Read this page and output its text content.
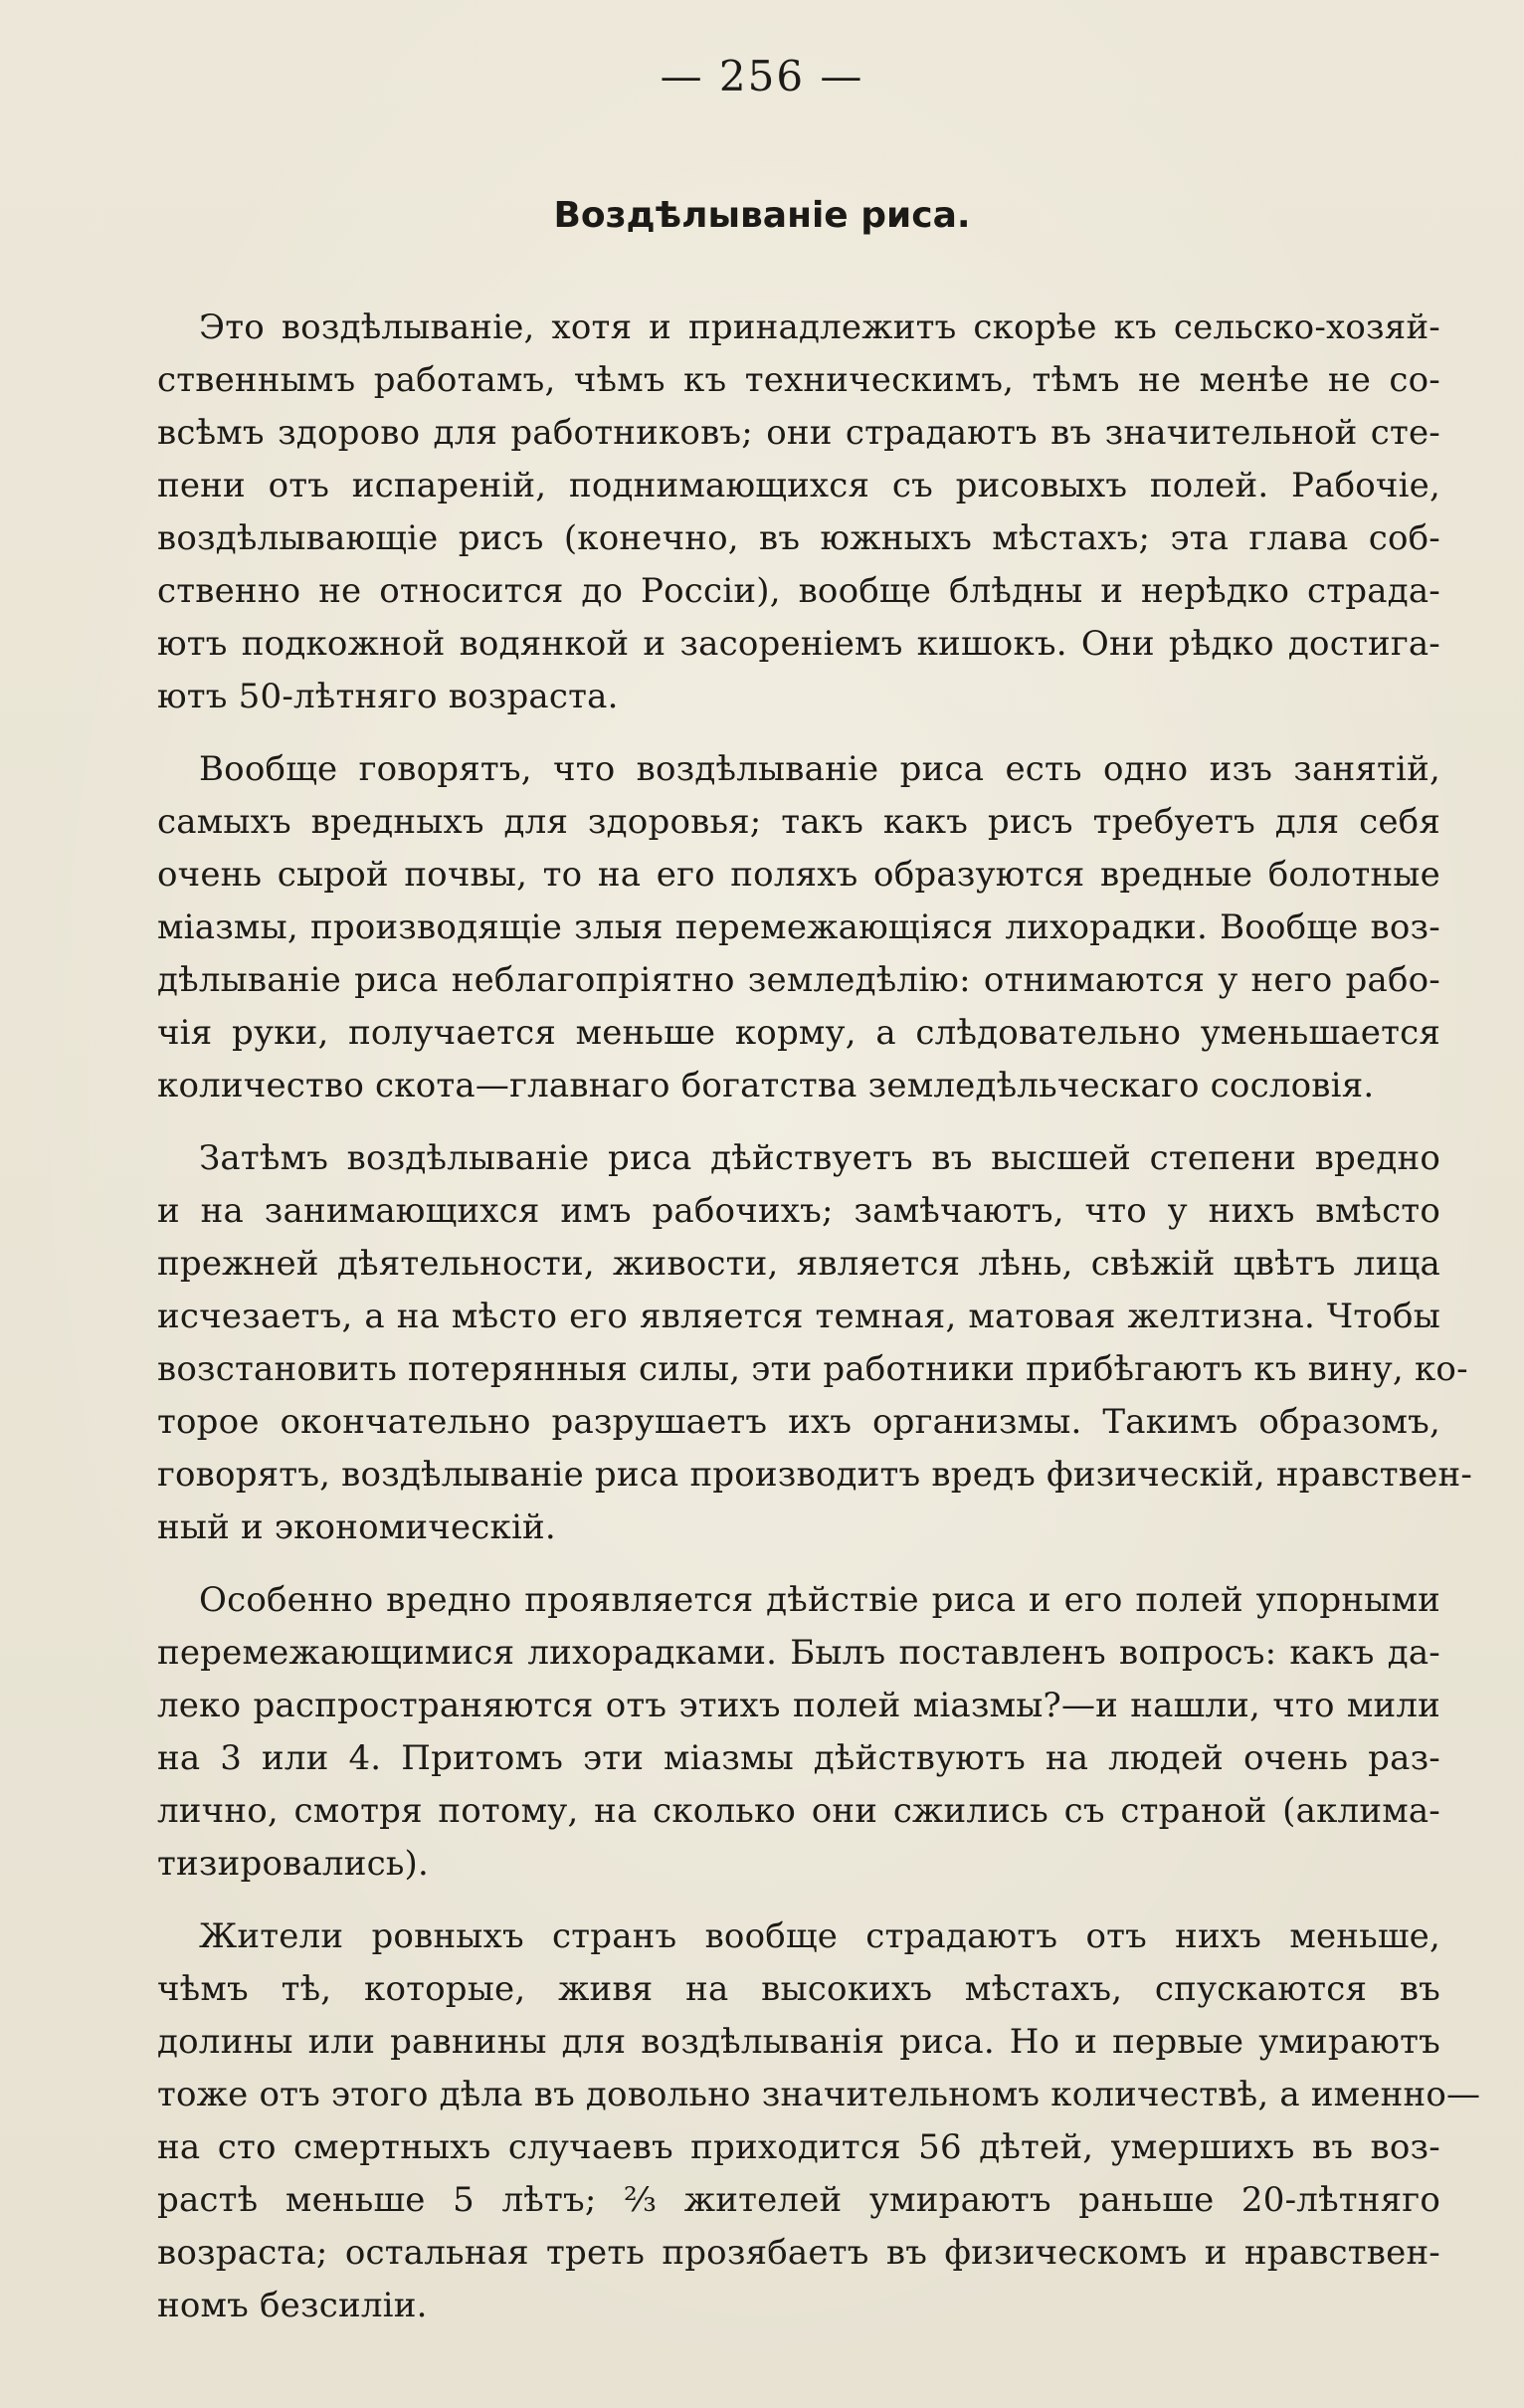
— 256 —
Воздѣлываніе риса.
Это воздѣлываніе, хотя и принадлежитъ скорѣе къ сельско-хозяй-
ственнымъ работамъ, чѣмъ къ техническимъ, тѣмъ не менѣе не со-
всѣмъ здорово для работниковъ; они страдаютъ въ значительной сте-
пени отъ испареній, поднимающихся съ рисовыхъ полей. Рабочіе,
воздѣлывающіе рисъ (конечно, въ южныхъ мѣстахъ; эта глава соб-
ственно не относится до Россіи), вообще блѣдны и нерѣдко страда-
ютъ подкожной водянкой и засореніемъ кишокъ. Они рѣдко достига-
ютъ 50-лѣтняго возраста.
Вообще говорятъ, что воздѣлываніе риса есть одно изъ занятій,
самыхъ вредныхъ для здоровья; такъ какъ рисъ требуетъ для себя
очень сырой почвы, то на его поляхъ образуются вредные болотные
міазмы, производящіе злыя перемежающіяся лихорадки. Вообще воз-
дѣлываніе риса неблагопріятно земледѣлію: отнимаются у него рабо-
чія руки, получается меньше корму, а слѣдовательно уменьшается
количество скота—главнаго богатства земледѣльческаго сословія.
Затѣмъ воздѣлываніе риса дѣйствуетъ въ высшей степени вредно
и на занимающихся имъ рабочихъ; замѣчаютъ, что у нихъ вмѣсто
прежней дѣятельности, живости, является лѣнь, свѣжій цвѣтъ лица
исчезаетъ, а на мѣсто его является темная, матовая желтизна. Чтобы
возстановить потерянныя силы, эти работники прибѣгаютъ къ вину, ко-
торое окончательно разрушаетъ ихъ организмы. Такимъ образомъ,
говорятъ, воздѣлываніе риса производитъ вредъ физическій, нравствен-
ный и экономическій.
Особенно вредно проявляется дѣйствіе риса и его полей упорными
перемежающимися лихорадками. Былъ поставленъ вопросъ: какъ да-
леко распространяются отъ этихъ полей міазмы?—и нашли, что мили
на 3 или 4. Притомъ эти міазмы дѣйствуютъ на людей очень раз-
лично, смотря потому, на сколько они сжились съ страной (аклима-
тизировались).
Жители ровныхъ странъ вообще страдаютъ отъ нихъ меньше,
чѣмъ тѣ, которые, живя на высокихъ мѣстахъ, спускаются въ
долины или равнины для воздѣлыванія риса. Но и первые умираютъ
тоже отъ этого дѣла въ довольно значительномъ количествѣ, а именно—
на сто смертныхъ случаевъ приходится 56 дѣтей, умершихъ въ воз-
растѣ меньше 5 лѣтъ; ⅔ жителей умираютъ раньше 20-лѣтняго
возраста; остальная треть прозябаетъ въ физическомъ и нравствен-
номъ безсиліи.
